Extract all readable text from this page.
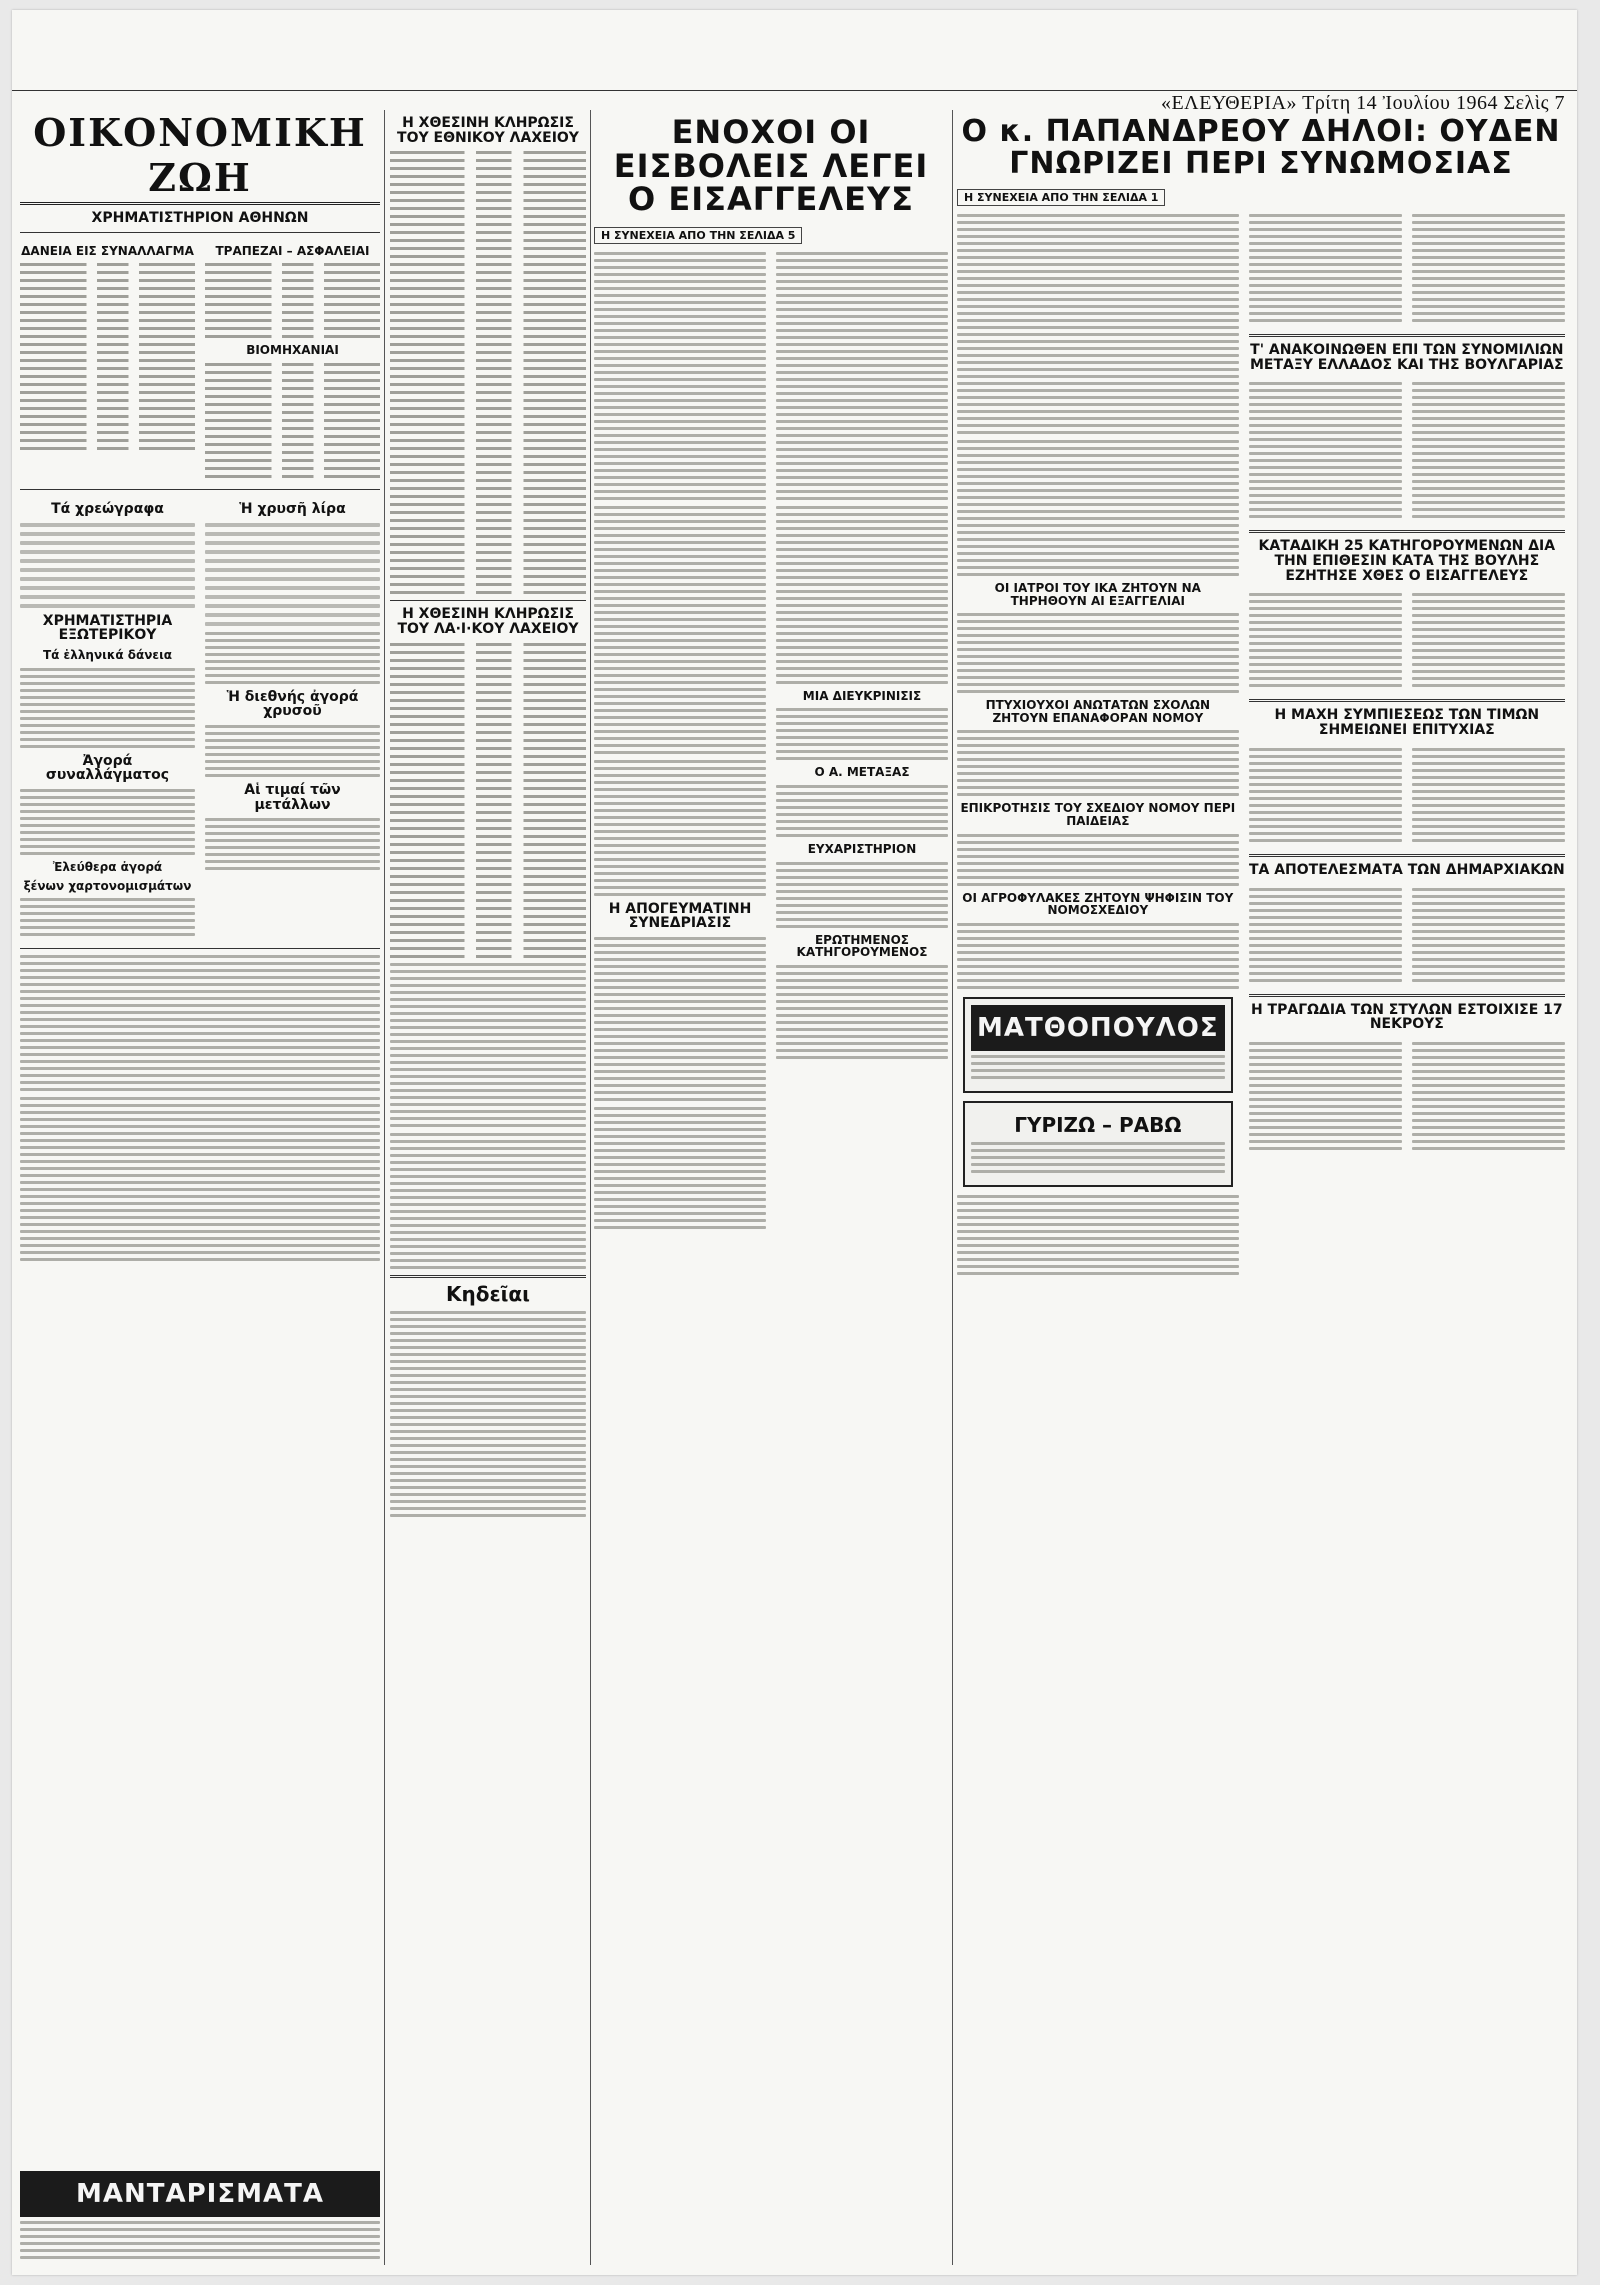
«ΕΛΕΥΘΕΡΙΑ» Τρίτη 14 Ἰουλίου 1964 Σελὶς 7
ΟΙΚΟΝΟΜΙΚΗ ΖΩΗ
ΧΡΗΜΑΤΙΣΤΗΡΙΟΝ ΑΘΗΝΩΝ
ΔΑΝΕΙΑ ΕΙΣ ΣΥΝΑΛΛΑΓΜΑ	ΤΡΑΠΕΖΑΙ – ΑΣΦΑΛΕΙΑΙ
ΒΙΟΜΗΧΑΝΙΑΙ
Τά χρεώγραφα
ΧΡΗΜΑΤΙΣΤΗΡΙΑ ΕΞΩΤΕΡΙΚΟΥ
Τά ἑλληνικά δάνεια
Ἀγορά συναλλάγματος
Ἐλεύθερα ἀγορά
ξένων χαρτονομισμάτων
Ἡ χρυσῆ λίρα
Ἡ διεθνής ἀγορά χρυσοῦ
Αἱ τιμαί τῶν μετάλλων
ΜΑΝΤΑΡΙΣΜΑΤΑ
Η ΧΘΕΣΙΝΗ ΚΛΗΡΩΣΙΣ ΤΟΥ ΕΘΝΙΚΟΥ ΛΑΧΕΙΟΥ
Η ΧΘΕΣΙΝΗ ΚΛΗΡΩΣΙΣ ΤΟΥ ΛΑ·Ι·ΚΟΥ ΛΑΧΕΙΟΥ
Κηδεῖαι
ΕΝΟΧΟΙ ΟΙ ΕΙΣΒΟΛΕΙΣ ΛΕΓΕΙ Ο ΕΙΣΑΓΓΕΛΕΥΣ
Η ΣΥΝΕΧΕΙΑ ΑΠΟ ΤΗΝ ΣΕΛΙΔΑ 5
Η ΑΠΟΓΕΥΜΑΤΙΝΗ ΣΥΝΕΔΡΙΑΣΙΣ
ΜΙΑ ΔΙΕΥΚΡΙΝΙΣΙΣ
Ο Α. ΜΕΤΑΞΑΣ
ΕΥΧΑΡΙΣΤΗΡΙΟΝ
ΕΡΩΤΗΜΕΝΟΣ ΚΑΤΗΓΟΡΟΥΜΕΝΟΣ
Ο κ. ΠΑΠΑΝΔΡΕΟΥ ΔΗΛΟΙ: ΟΥΔΕΝ ΓΝΩΡΙΖΕΙ ΠΕΡΙ ΣΥΝΩΜΟΣΙΑΣ
Η ΣΥΝΕΧΕΙΑ ΑΠΟ ΤΗΝ ΣΕΛΙΔΑ 1
ΟΙ ΙΑΤΡΟΙ ΤΟΥ ΙΚΑ ΖΗΤΟΥΝ ΝΑ ΤΗΡΗΘΟΥΝ ΑΙ ΕΞΑΓΓΕΛΙΑΙ
ΠΤΥΧΙΟΥΧΟΙ ΑΝΩΤΑΤΩΝ ΣΧΟΛΩΝ ΖΗΤΟΥΝ ΕΠΑΝΑΦΟΡΑΝ ΝΟΜΟΥ
ΕΠΙΚΡΟΤΗΣΙΣ ΤΟΥ ΣΧΕΔΙΟΥ ΝΟΜΟΥ ΠΕΡΙ ΠΑΙΔΕΙΑΣ
ΟΙ ΑΓΡΟΦΥΛΑΚΕΣ ΖΗΤΟΥΝ ΨΗΦΙΣΙΝ ΤΟΥ ΝΟΜΟΣΧΕΔΙΟΥ
ΜΑΤΘΟΠΟΥΛΟΣ
ΓΥΡΙΖΩ – ΡΑΒΩ
Τ' ΑΝΑΚΟΙΝΩΘΕΝ ΕΠΙ ΤΩΝ ΣΥΝΟΜΙΛΙΩΝ ΜΕΤΑΞΥ ΕΛΛΑΔΟΣ ΚΑΙ ΤΗΣ ΒΟΥΛΓΑΡΙΑΣ
ΚΑΤΑΔΙΚΗ 25 ΚΑΤΗΓΟΡΟΥΜΕΝΩΝ ΔΙΑ ΤΗΝ ΕΠΙΘΕΣΙΝ ΚΑΤΑ ΤΗΣ ΒΟΥΛΗΣ ΕΖΗΤΗΣΕ ΧΘΕΣ Ο ΕΙΣΑΓΓΕΛΕΥΣ
Η ΜΑΧΗ ΣΥΜΠΙΕΣΕΩΣ ΤΩΝ ΤΙΜΩΝ ΣΗΜΕΙΩΝΕΙ ΕΠΙΤΥΧΙΑΣ
ΤΑ ΑΠΟΤΕΛΕΣΜΑΤΑ ΤΩΝ ΔΗΜΑΡΧΙΑΚΩΝ
Η ΤΡΑΓΩΔΙΑ ΤΩΝ ΣΤΥΛΩΝ ΕΣΤΟΙΧΙΣΕ 17 ΝΕΚΡΟΥΣ
